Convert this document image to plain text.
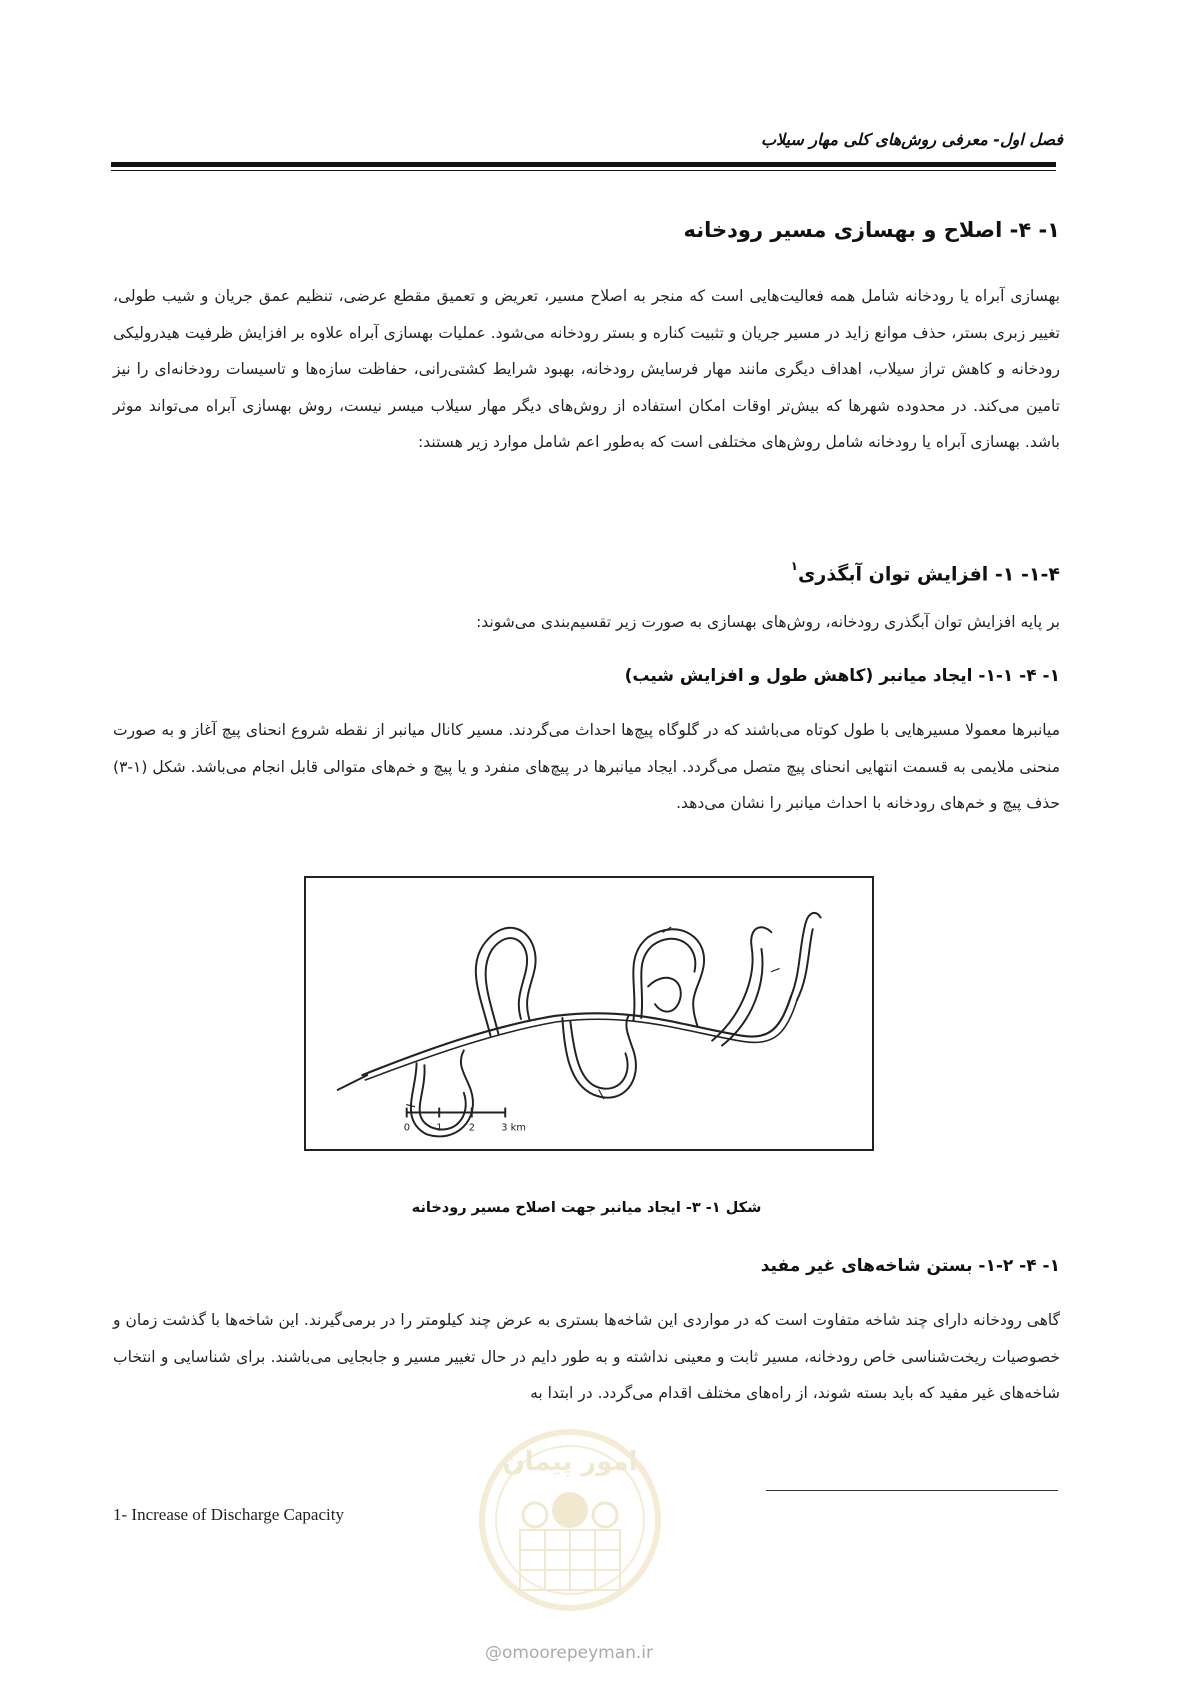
فصل اول- معرفی روش‌های کلی مهار سیلاب
۱- ۴- اصلاح و بهسازی مسیر رودخانه
بهسازی آبراه یا رودخانه شامل همه فعالیت‌هایی است که منجر به اصلاح مسیر، تعریض و تعمیق مقطع عرضی، تنظیم عمق جریان و شیب طولی، تغییر زبری بستر، حذف موانع زاید در مسیر جریان و تثبیت کناره و بستر رودخانه می‌شود. عملیات بهسازی آبراه علاوه بر افزایش ظرفیت هیدرولیکی رودخانه و کاهش تراز سیلاب، اهداف دیگری مانند مهار فرسایش رودخانه، بهبود شرایط کشتی‌رانی، حفاظت سازه‌ها و تاسیسات رودخانه‌ای را نیز تامین می‌کند. در محدوده شهرها که بیش‌تر اوقات امکان استفاده از روش‌های دیگر مهار سیلاب میسر نیست، روش بهسازی آبراه می‌تواند موثر باشد. بهسازی آبراه یا رودخانه شامل روش‌های مختلفی است که به‌طور اعم شامل موارد زیر هستند:
۱-۴- ۱- افزایش توان آبگذری$^۱$
بر پایه افزایش توان آبگذری رودخانه، روش‌های بهسازی به صورت زیر تقسیم‌بندی می‌شوند:
۱- ۴- ۱-۱- ایجاد میانبر (کاهش طول و افزایش شیب)
میانبرها معمولا مسیرهایی با طول کوتاه می‌باشند که در گلوگاه پیچ‌ها احداث می‌گردند. مسیر کانال میانبر از نقطه شروع انحنای پیچ آغاز و به صورت منحنی ملایمی به قسمت انتهایی انحنای پیچ متصل می‌گردد. ایجاد میانبرها در پیچ‌های منفرد و یا پیچ و خم‌های متوالی قابل انجام می‌باشد. شکل (۱-۳) حذف پیچ و خم‌های رودخانه با احداث میانبر را نشان می‌دهد.
0	1	2	3 km
شکل ۱- ۳- ایجاد میانبر جهت اصلاح مسیر رودخانه
۱- ۴- ۱-۲- بستن شاخه‌های غیر مفید
گاهی رودخانه دارای چند شاخه متفاوت است که در مواردی این شاخه‌ها بستری به عرض چند کیلومتر را در برمی‌گیرند. این شاخه‌ها با گذشت زمان و خصوصیات ریخت‌شناسی خاص رودخانه، مسیر ثابت و معینی نداشته و به طور دایم در حال تغییر مسیر و جابجایی می‌باشند. برای شناسایی و انتخاب شاخه‌های غیر مفید که باید بسته شوند، از راه‌های مختلف اقدام می‌گردد. در ابتدا به
1- Increase of Discharge Capacity
امور پیمان
@omoorepeyman.ir
